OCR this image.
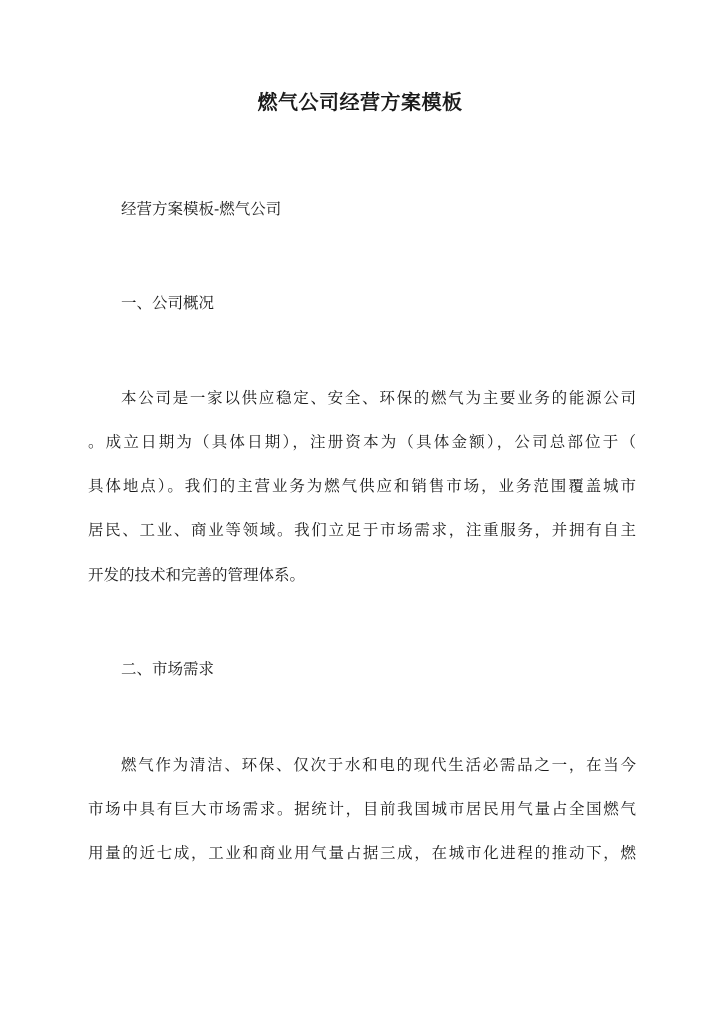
燃气公司经营方案模板

经营方案模板-燃气公司

一、公司概况

本公司是一家以供应稳定、安全、环保的燃气为主要业务的能源公司

。成立日期为（具体日期），注册资本为（具体金额），公司总部位于（

具体地点）。我们的主营业务为燃气供应和销售市场，业务范围覆盖城市

居民、工业、商业等领域。我们立足于市场需求，注重服务，并拥有自主

开发的技术和完善的管理体系。

二、市场需求

燃气作为清洁、环保、仅次于水和电的现代生活必需品之一，在当今

市场中具有巨大市场需求。据统计，目前我国城市居民用气量占全国燃气

用量的近七成，工业和商业用气量占据三成，在城市化进程的推动下，燃
